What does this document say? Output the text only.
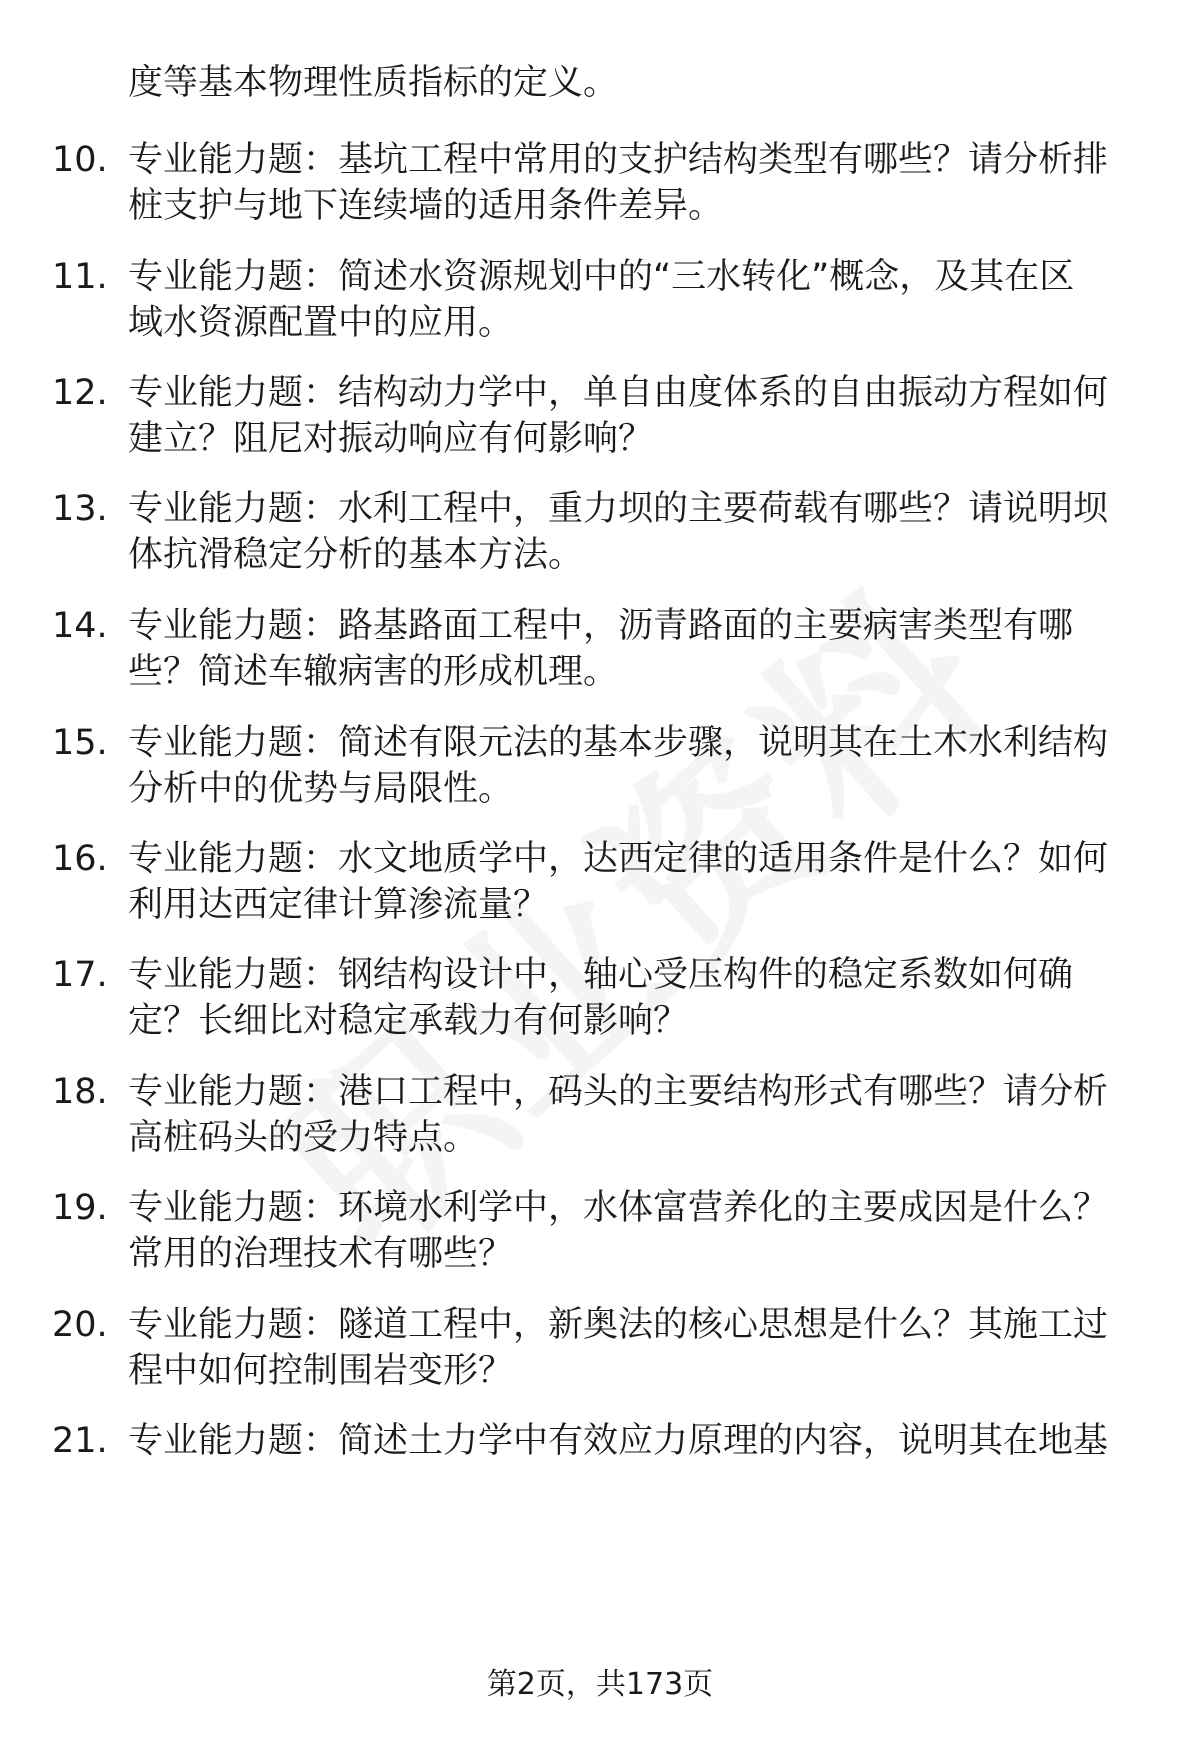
度等基本物理性质指标的定义。
10. 专业能力题：基坑工程中常用的支护结构类型有哪些？请分析排
桩支护与地下连续墙的适用条件差异。
11. 专业能力题：简述水资源规划中的“三水转化”概念，及其在区
域水资源配置中的应用。
12. 专业能力题：结构动力学中，单自由度体系的自由振动方程如何
建立？阻尼对振动响应有何影响？
13. 专业能力题：水利工程中，重力坝的主要荷载有哪些？请说明坝
体抗滑稳定分析的基本方法。
14. 专业能力题：路基路面工程中，沥青路面的主要病害类型有哪
些？简述车辙病害的形成机理。
15. 专业能力题：简述有限元法的基本步骤，说明其在土木水利结构
分析中的优势与局限性。
16. 专业能力题：水文地质学中，达西定律的适用条件是什么？如何
利用达西定律计算渗流量？
17. 专业能力题：钢结构设计中，轴心受压构件的稳定系数如何确
定？长细比对稳定承载力有何影响？
18. 专业能力题：港口工程中，码头的主要结构形式有哪些？请分析
高桩码头的受力特点。
19. 专业能力题：环境水利学中，水体富营养化的主要成因是什么？
常用的治理技术有哪些？
20. 专业能力题：隧道工程中，新奥法的核心思想是什么？其施工过
程中如何控制围岩变形？
21. 专业能力题：简述土力学中有效应力原理的内容，说明其在地基
第2页，共173页
